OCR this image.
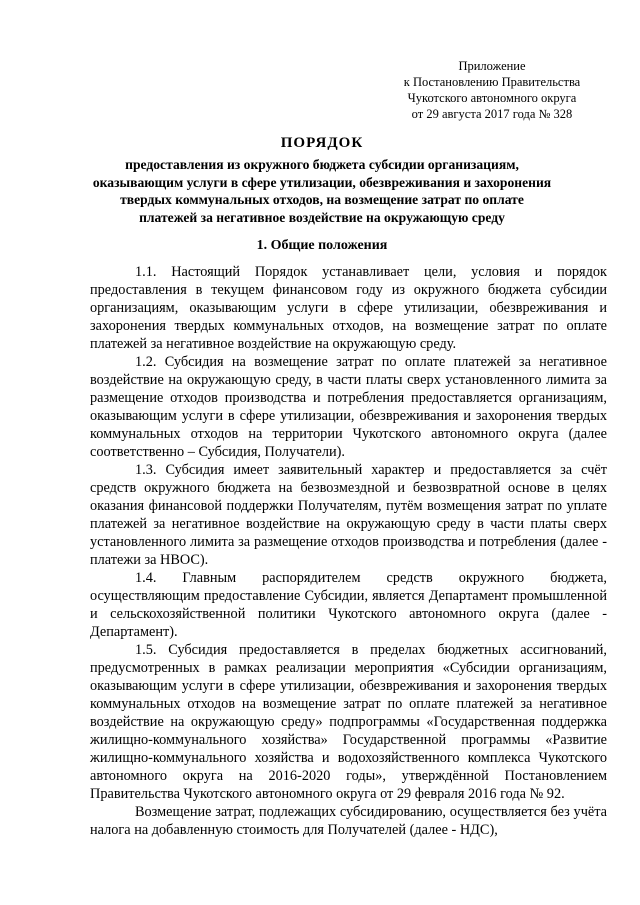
Приложение
к Постановлению Правительства
Чукотского автономного округа
от 29 августа 2017 года № 328
ПОРЯДОК
предоставления из окружного бюджета субсидии организациям,
оказывающим услуги в сфере утилизации, обезвреживания и захоронения
твердых коммунальных отходов, на возмещение затрат по оплате
платежей за негативное воздействие на окружающую среду
1. Общие положения

1.1. Настоящий Порядок устанавливает цели, условия и порядок предоставления в текущем финансовом году из окружного бюджета субсидии организациям, оказывающим услуги в сфере утилизации, обезвреживания и захоронения твердых коммунальных отходов, на возмещение затрат по оплате платежей за негативное воздействие на окружающую среду.

1.2. Субсидия на возмещение затрат по оплате платежей за негативное воздействие на окружающую среду, в части платы сверх установленного лимита за размещение отходов производства и потребления предоставляется организациям, оказывающим услуги в сфере утилизации, обезвреживания и захоронения твердых коммунальных отходов на территории Чукотского автономного округа (далее соответственно – Субсидия, Получатели).

1.3. Субсидия имеет заявительный характер и предоставляется за счёт средств окружного бюджета на безвозмездной и безвозвратной основе в целях оказания финансовой поддержки Получателям, путём возмещения затрат по уплате платежей за негативное воздействие на окружающую среду в части платы сверх установленного лимита за размещение отходов производства и потребления (далее - платежи за НВОС).

1.4. Главным распорядителем средств окружного бюджета, осуществляющим предоставление Субсидии, является Департамент промышленной и сельскохозяйственной политики Чукотского автономного округа (далее - Департамент).

1.5. Субсидия предоставляется в пределах бюджетных ассигнований, предусмотренных в рамках реализации мероприятия «Субсидии организациям, оказывающим услуги в сфере утилизации, обезвреживания и захоронения твердых коммунальных отходов на возмещение затрат по оплате платежей за негативное воздействие на окружающую среду» подпрограммы «Государственная поддержка жилищно-коммунального хозяйства» Государственной программы «Развитие жилищно-коммунального хозяйства и водохозяйственного комплекса Чукотского автономного округа на 2016-2020 годы», утверждённой Постановлением Правительства Чукотского автономного округа от 29 февраля 2016 года № 92.

Возмещение затрат, подлежащих субсидированию, осуществляется без учёта налога на добавленную стоимость для Получателей (далее - НДС),
